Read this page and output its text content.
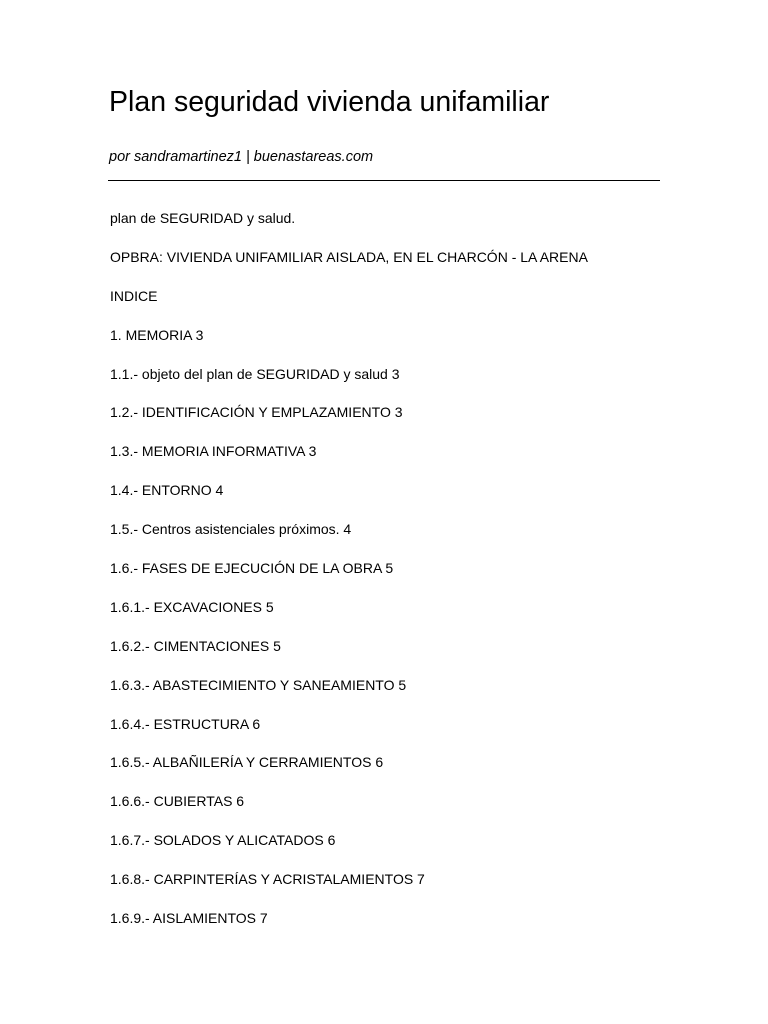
Plan seguridad vivienda unifamiliar

por sandramartinez1 | buenastareas.com

plan de SEGURIDAD y salud.
OPBRA: VIVIENDA UNIFAMILIAR AISLADA, EN EL CHARCÓN - LA ARENA
INDICE
1. MEMORIA 3
1.1.- objeto del plan de SEGURIDAD y salud 3
1.2.- IDENTIFICACIÓN Y EMPLAZAMIENTO 3
1.3.- MEMORIA INFORMATIVA 3
1.4.- ENTORNO 4
1.5.- Centros asistenciales próximos. 4
1.6.- FASES DE EJECUCIÓN DE LA OBRA 5
1.6.1.- EXCAVACIONES 5
1.6.2.- CIMENTACIONES 5
1.6.3.- ABASTECIMIENTO Y SANEAMIENTO 5
1.6.4.- ESTRUCTURA 6
1.6.5.- ALBAÑILERÍA Y CERRAMIENTOS 6
1.6.6.- CUBIERTAS 6
1.6.7.- SOLADOS Y ALICATADOS 6
1.6.8.- CARPINTERÍAS Y ACRISTALAMIENTOS 7
1.6.9.- AISLAMIENTOS 7
